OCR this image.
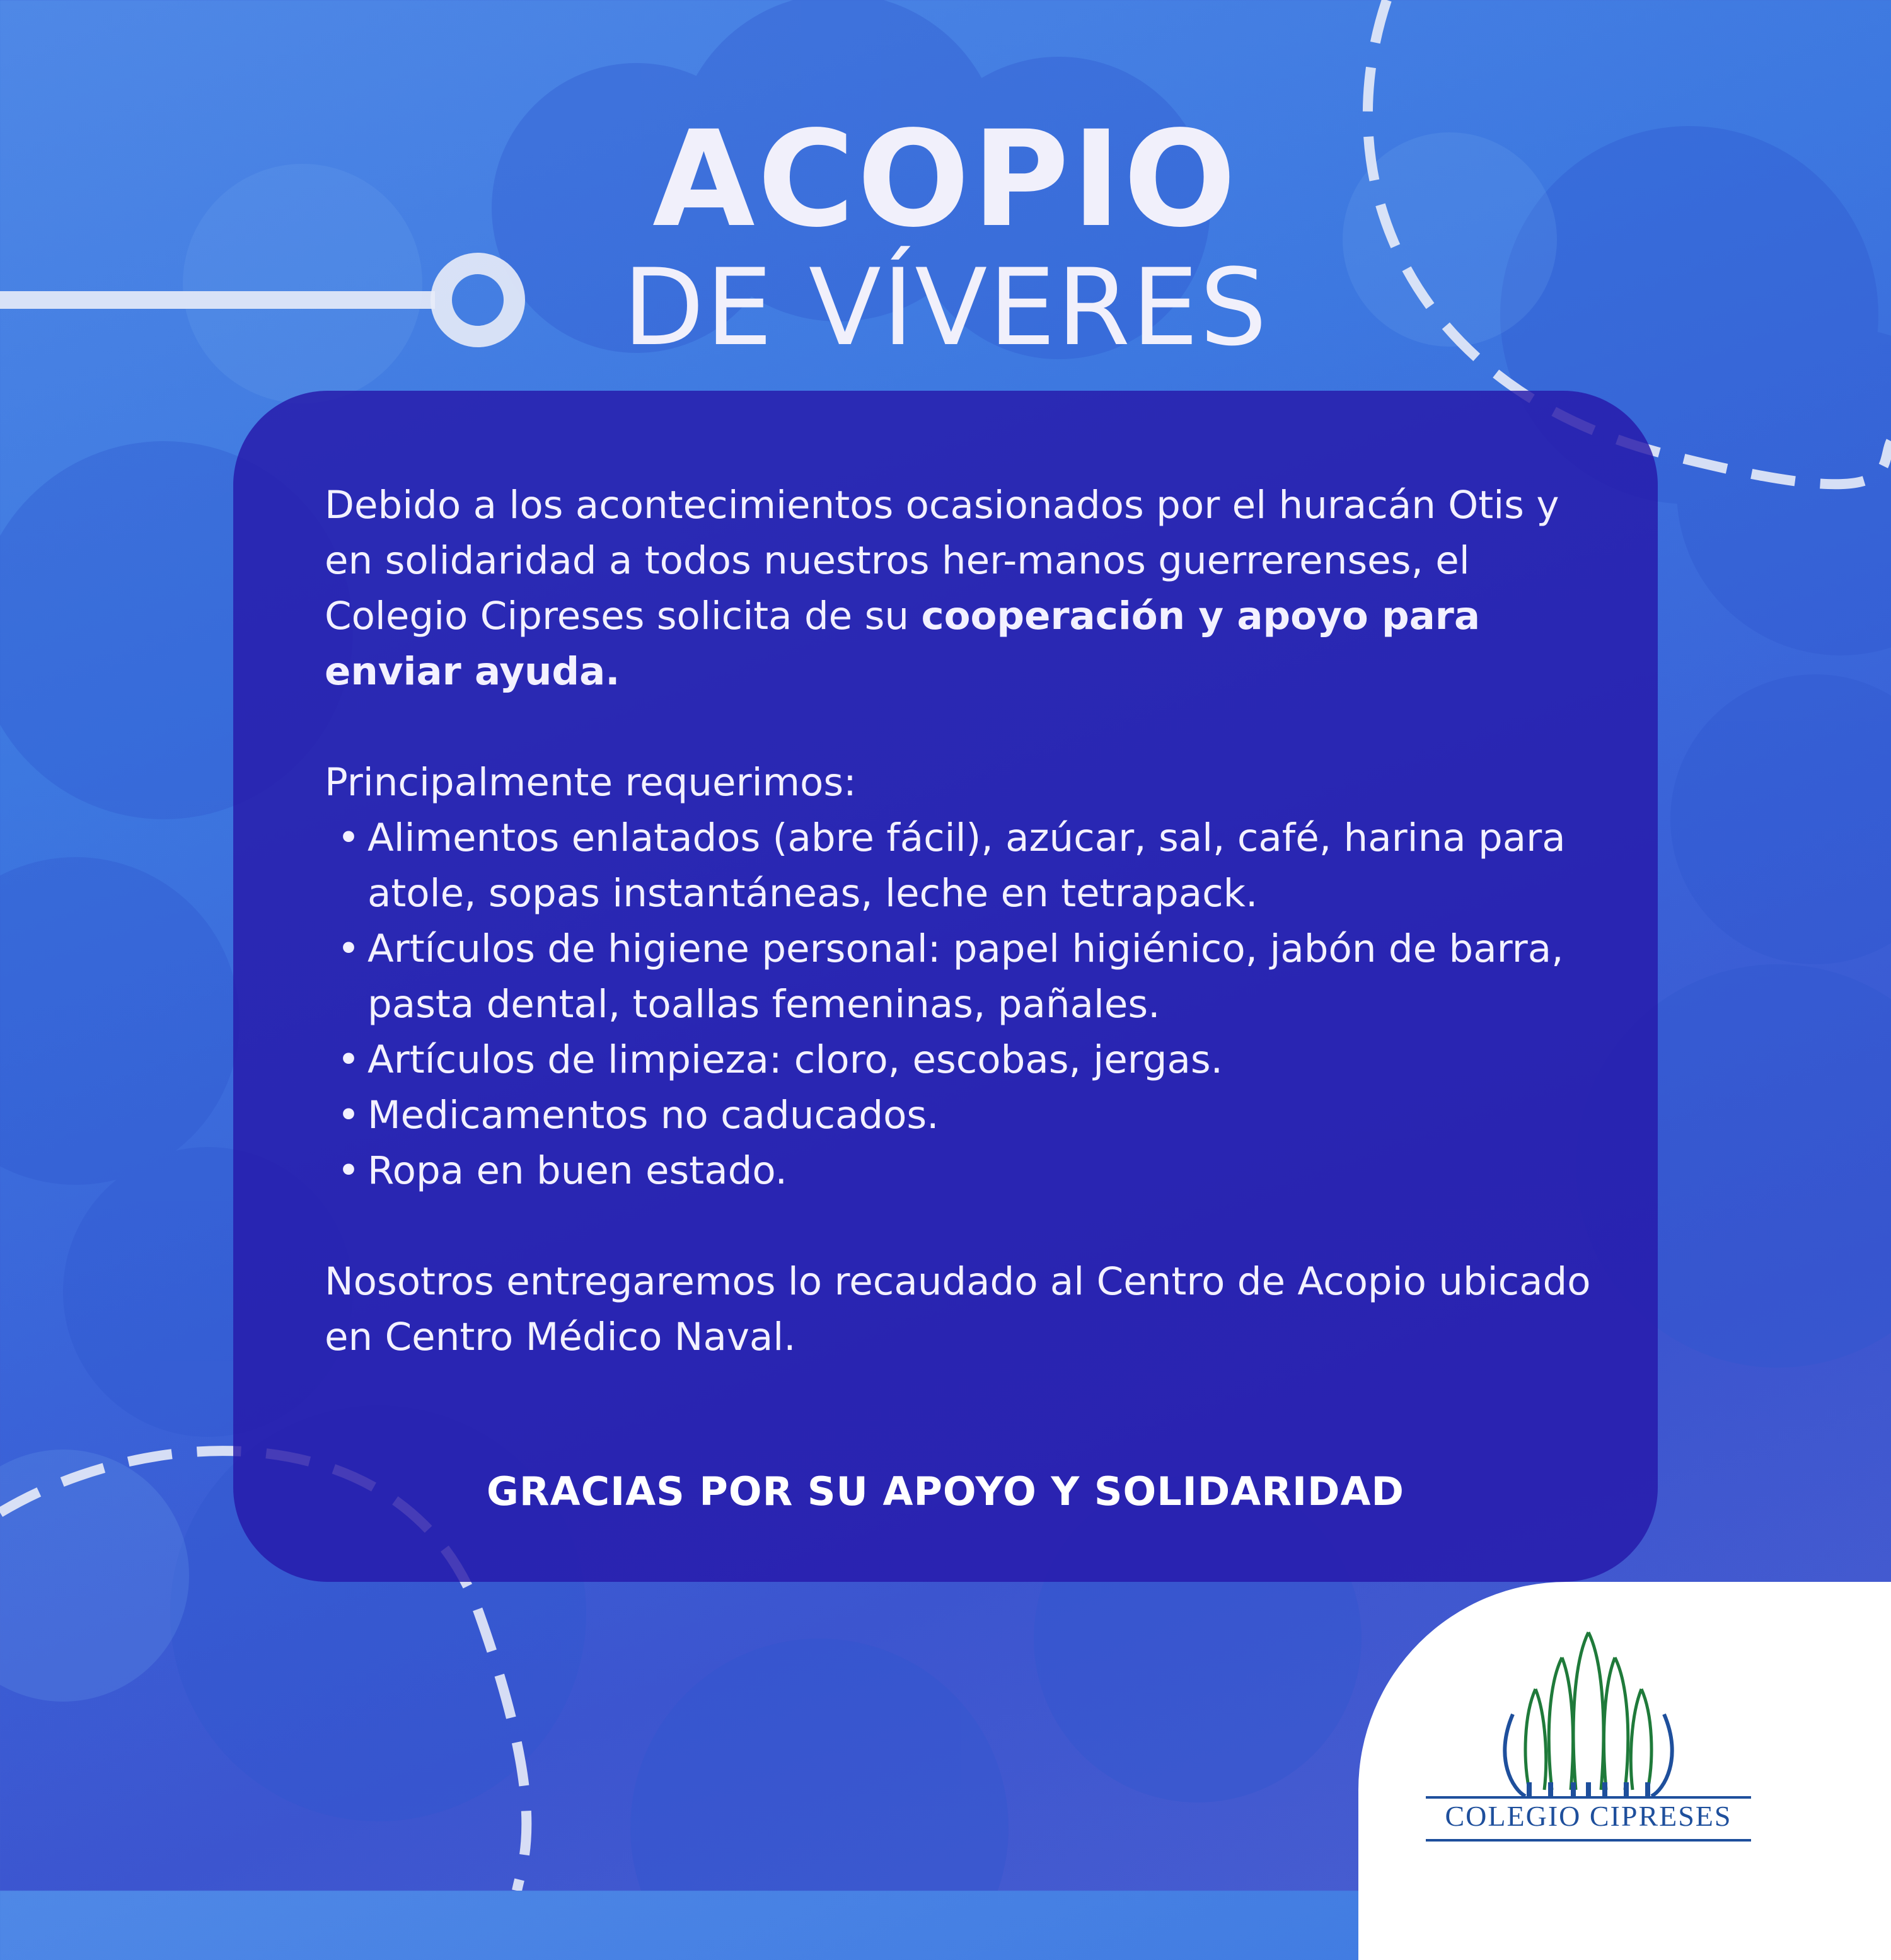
ACOPIO
DE VÍVERES

Debido a los acontecimientos ocasionados por el huracán Otis y en solidaridad a todos nuestros her-manos guerrerenses, el Colegio Cipreses solicita de su cooperación y apoyo para enviar ayuda.

Principalmente requerimos:

• Alimentos enlatados (abre fácil), azúcar, sal, café, harina para atole, sopas instantáneas, leche en tetrapack.
• Artículos de higiene personal: papel higiénico, jabón de barra, pasta dental, toallas femeninas, pañales.
• Artículos de limpieza: cloro, escobas, jergas.
• Medicamentos no caducados.
• Ropa en buen estado.

Nosotros entregaremos lo recaudado al Centro de Acopio ubicado en Centro Médico Naval.

GRACIAS POR SU APOYO Y SOLIDARIDAD
COLEGIO CIPRESES
